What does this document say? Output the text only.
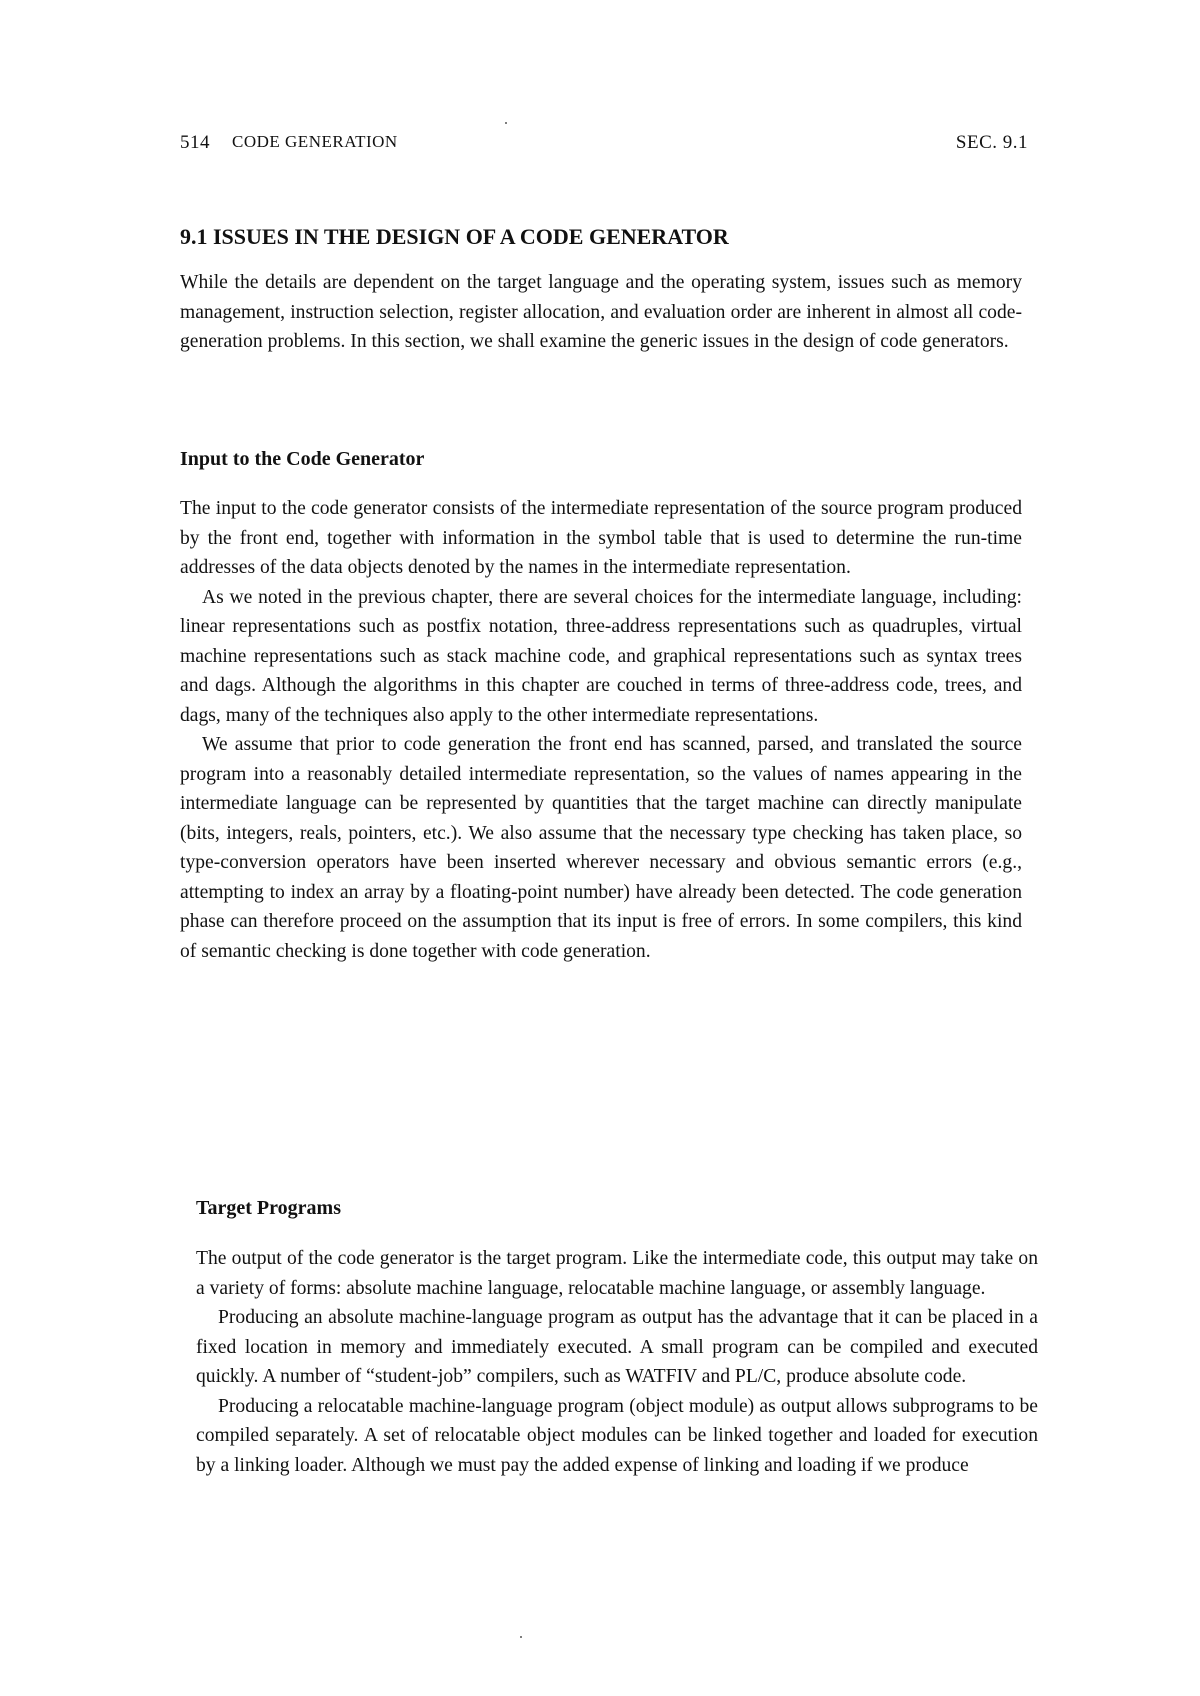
514 CODE GENERATION	SEC. 9.1
9.1 ISSUES IN THE DESIGN OF A CODE GENERATOR

While the details are dependent on the target language and the operating system, issues such as memory management, instruction selection, register allocation, and evaluation order are inherent in almost all code-generation problems. In this section, we shall examine the generic issues in the design of code generators.

Input to the Code Generator

The input to the code generator consists of the intermediate representation of the source program produced by the front end, together with information in the symbol table that is used to determine the run-time addresses of the data objects denoted by the names in the intermediate representation.

As we noted in the previous chapter, there are several choices for the intermediate language, including: linear representations such as postfix notation, three-address representations such as quadruples, virtual machine representations such as stack machine code, and graphical representations such as syntax trees and dags. Although the algorithms in this chapter are couched in terms of three-address code, trees, and dags, many of the techniques also apply to the other intermediate representations.

We assume that prior to code generation the front end has scanned, parsed, and translated the source program into a reasonably detailed intermediate representation, so the values of names appearing in the intermediate language can be represented by quantities that the target machine can directly manipulate (bits, integers, reals, pointers, etc.). We also assume that the necessary type checking has taken place, so type-conversion operators have been inserted wherever necessary and obvious semantic errors (e.g., attempting to index an array by a floating-point number) have already been detected. The code generation phase can therefore proceed on the assumption that its input is free of errors. In some compilers, this kind of semantic checking is done together with code generation.

Target Programs

The output of the code generator is the target program. Like the intermediate code, this output may take on a variety of forms: absolute machine language, relocatable machine language, or assembly language.

Producing an absolute machine-language program as output has the advantage that it can be placed in a fixed location in memory and immediately executed. A small program can be compiled and executed quickly. A number of “student-job” compilers, such as WATFIV and PL/C, produce absolute code.

Producing a relocatable machine-language program (object module) as output allows subprograms to be compiled separately. A set of relocatable object modules can be linked together and loaded for execution by a linking loader. Although we must pay the added expense of linking and loading if we produce
